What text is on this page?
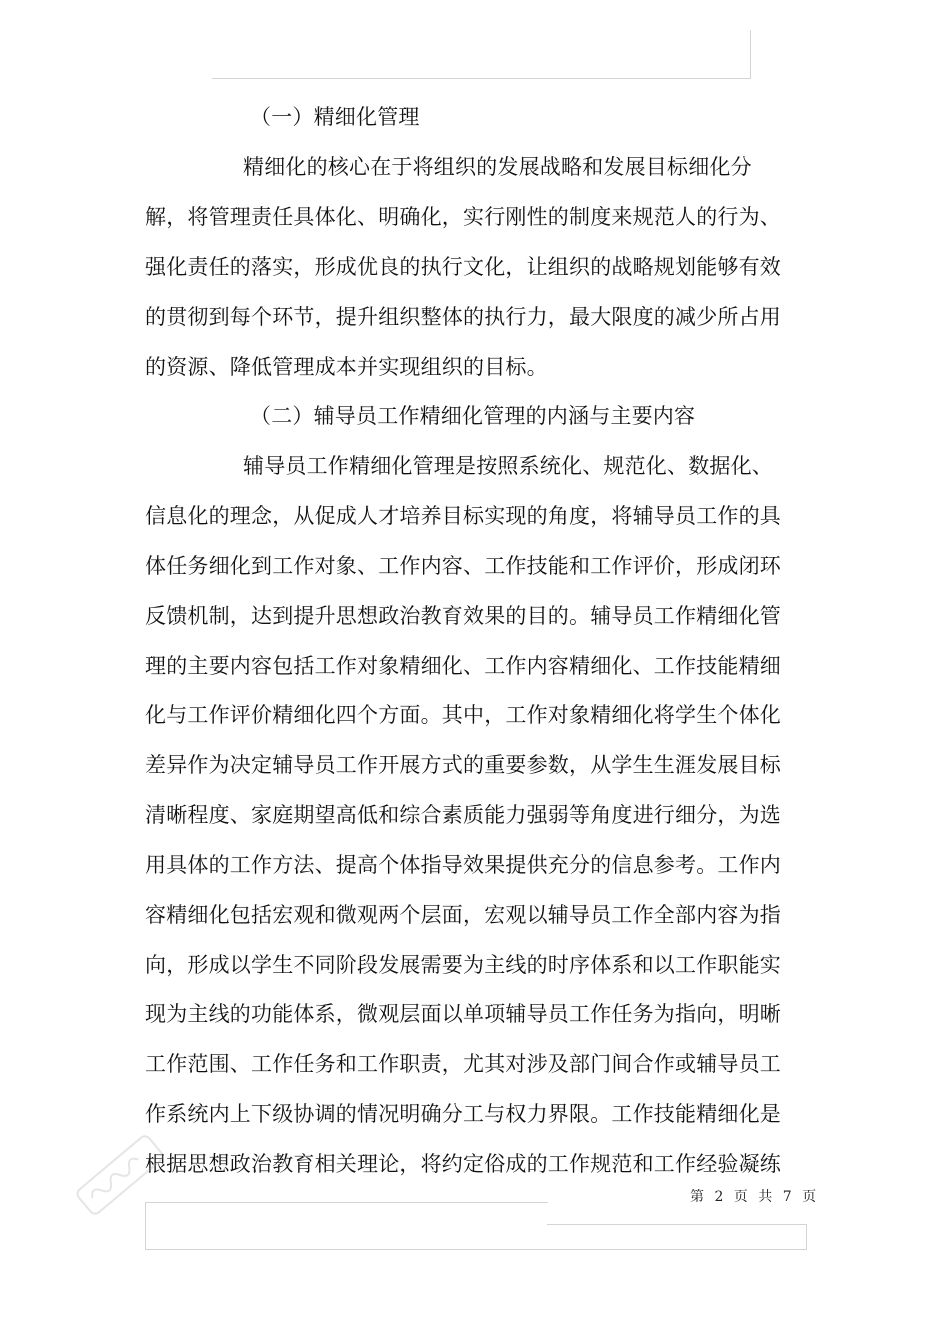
（一）精细化管理
精细化的核心在于将组织的发展战略和发展目标细化分
解，将管理责任具体化、明确化，实行刚性的制度来规范人的行为、
强化责任的落实，形成优良的执行文化，让组织的战略规划能够有效
的贯彻到每个环节，提升组织整体的执行力，最大限度的减少所占用
的资源、降低管理成本并实现组织的目标。
（二）辅导员工作精细化管理的内涵与主要内容
辅导员工作精细化管理是按照系统化、规范化、数据化、
信息化的理念，从促成人才培养目标实现的角度，将辅导员工作的具
体任务细化到工作对象、工作内容、工作技能和工作评价，形成闭环
反馈机制，达到提升思想政治教育效果的目的。辅导员工作精细化管
理的主要内容包括工作对象精细化、工作内容精细化、工作技能精细
化与工作评价精细化四个方面。其中，工作对象精细化将学生个体化
差异作为决定辅导员工作开展方式的重要参数，从学生生涯发展目标
清晰程度、家庭期望高低和综合素质能力强弱等角度进行细分，为选
用具体的工作方法、提高个体指导效果提供充分的信息参考。工作内
容精细化包括宏观和微观两个层面，宏观以辅导员工作全部内容为指
向，形成以学生不同阶段发展需要为主线的时序体系和以工作职能实
现为主线的功能体系，微观层面以单项辅导员工作任务为指向，明晰
工作范围、工作任务和工作职责，尤其对涉及部门间合作或辅导员工
作系统内上下级协调的情况明确分工与权力界限。工作技能精细化是
根据思想政治教育相关理论，将约定俗成的工作规范和工作经验凝练
第 2 页 共 7 页
